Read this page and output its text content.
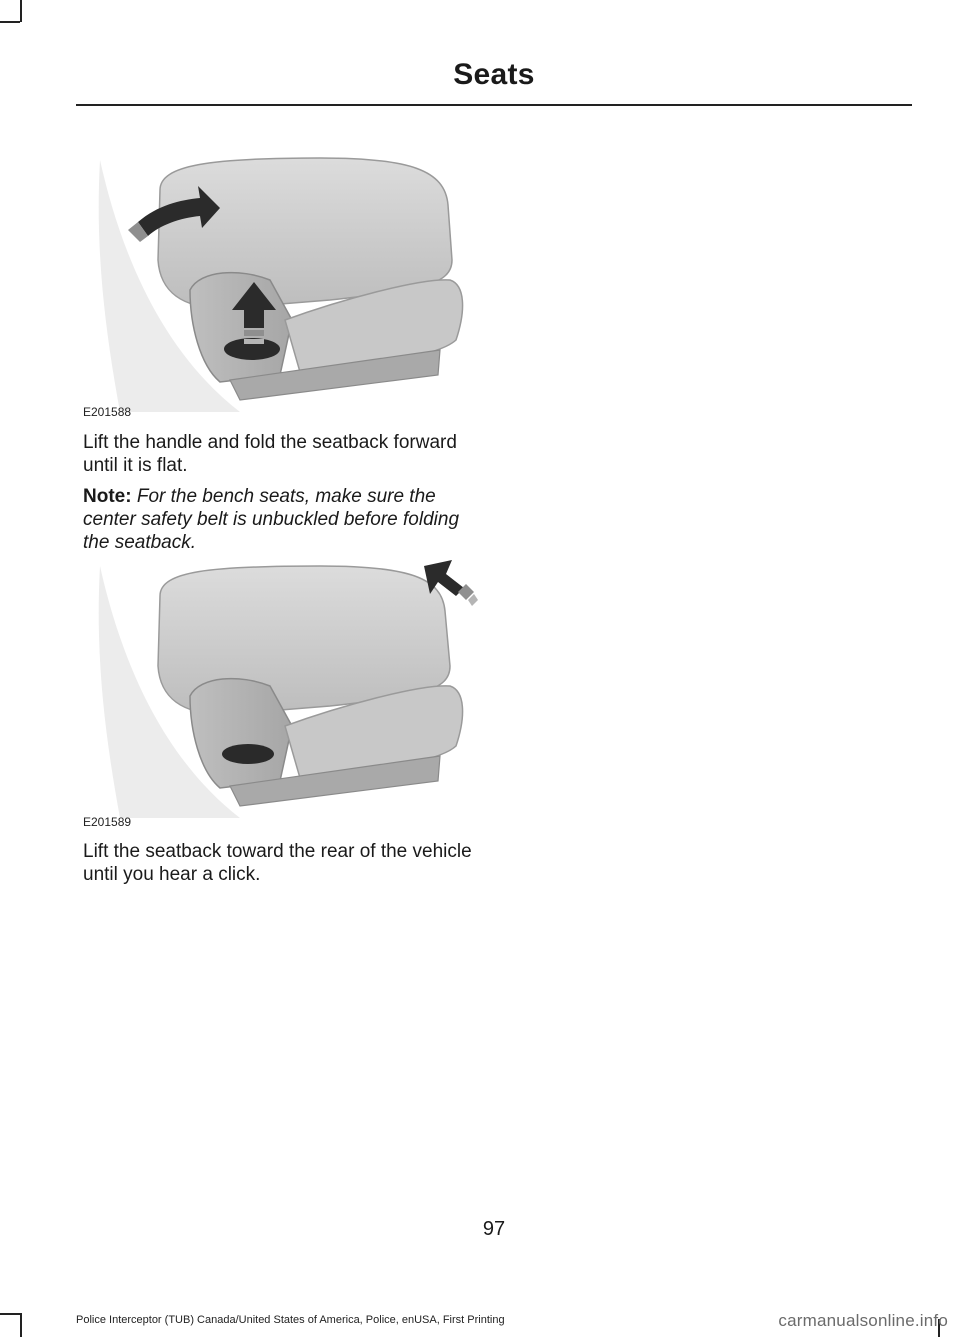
Seats
E201588
Lift the handle and fold the seatback forward until it is flat.
Note: For the bench seats, make sure the center safety belt is unbuckled before folding the seatback.
E201589
Lift the seatback toward the rear of the vehicle until you hear a click.
97
Police Interceptor (TUB) Canada/United States of America, Police, enUSA, First Printing	carmanualsonline.info
